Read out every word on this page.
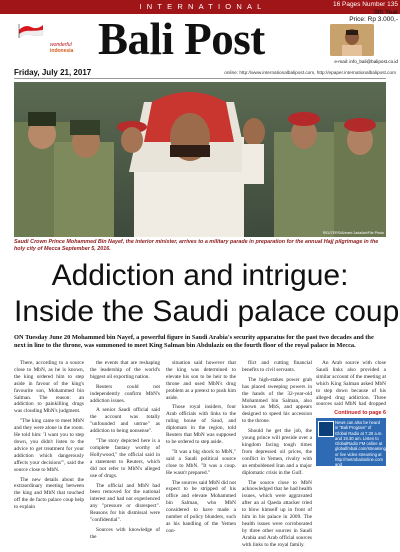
INTERNATIONAL	16 Pages Number 135
9th Year
Price: Rp 3.000,-
wonderful
indonesia Bali Post	e-mail: info_bali@balipost.co.id
Friday, July 21, 2017	online: http://www.internationalbalipost.com, http://epaper.internationalbalipost.com
REUTERS/Ahmed Jadallah/File Photo
Saudi Crown Prince Mohammed Bin Nayef, the interior minister, arrives to a military parade in preparation for the annual Hajj pilgrimage in the holy city of Mecca September 5, 2016.
Addiction and intrigue:
Inside the Saudi palace coup
ON Tuesday June 20 Mohammed bin Nayef, a powerful figure in Saudi Arabia's security apparatus for the past two decades and the next in line to the throne, was summoned to meet King Salman bin Abdulaziz on the fourth floor of the royal palace in Mecca.

There, according to a source close to MbN, as he is known, the king ordered him to step aside in favour of the king's favourite son, Mohammed bin Salman. The reason: an addiction to painkilling drugs was clouding MbN's judgment.

"The king came to meet MbN and they were alone in the room. He told him: 'I want you to step down, you didn't listen to the advice to get treatment for your addiction which dangerously affects your decisions'", said the source close to MbN.

The new details about the extraordinary meeting between the king and MbN that touched off the de facto palace coup help to explain

the events that are reshaping the leadership of the world's biggest oil exporting nation.

Reuters could not independently confirm MbN's addiction issues.

A senior Saudi official said the account was totally "unfounded and untrue" as addiction to being nonsense".

"The story depicted here is a complete fantasy worthy of Hollywood," the official said in a statement to Reuters, which did not refer to MbN's alleged use of drugs.

The official and MbN had been removed for the national interest and had not experienced any "pressure or disrespect". Reasons for his dismissal were "confidential".

Sources with knowledge of the

situation said however that the king was determined to elevate his son to be heir to the throne and used MbN's drug problem as a pretext to push him aside.

Those royal insiders, four Arab officials with links to the ruling house of Saud, and diplomats in the region, told Reuters that MbN was supposed to be ordered to step aside.

"It was a big shock to MbN," said a Saudi political source close to MbN. "It was a coup. He wasn't prepared."

The sources said MbN did not expect to be stripped of his office and elevate Mohammed bin Salman, who MbN considered to have made a number of policy blunders, such as his handling of the Yemen con-

flict and cutting financial benefits to civil servants.

The high-stakes power grab has placed sweeping powers in the hands of the 32-year-old Mohammed bin Salman, also known as MbS, and appears designed to speed his accession to the throne.

Should he get the job, the young prince will preside over a kingdom facing tough times from depressed oil prices, the conflict in Yemen, rivalry with an emboldened Iran and a major diplomatic crisis in the Gulf.

The source close to MbN acknowledged that he had health issues, which were aggravated after an al Qaeda attacker tried to blow himself up in front of him in his palace in 2009. The health issues were corroborated by three other sources in Saudi Arabia and Arab official sources with links to the royal family.

An Arab source with close Saudi links also provided a similar account of the meeting at which King Salman asked MbN to step down because of his alleged drug addiction. Three sources said MbN had dropped

Continued to page 6
News can also be heard in "Bali Program" of Global Radio at 7.30 a.m. and 19.30 am. Listen to GlobalRadio FM online at globalfmbali.com/streaming or live video streaming at http://metrobalionline.com and http://ustream.tv/channel/globalfm-bali.
